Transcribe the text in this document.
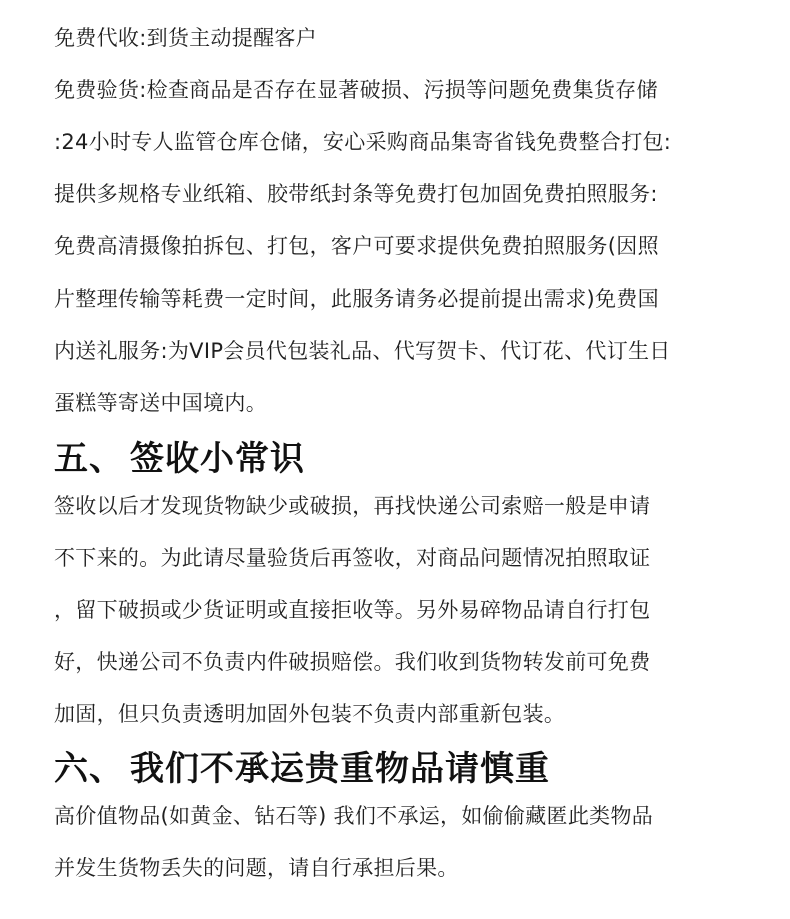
免费代收:到货主动提醒客户
免费验货:检查商品是否存在显著破损、污损等问题免费集货存储
:24小时专人监管仓库仓储，安心采购商品集寄省钱免费整合打包:
提供多规格专业纸箱、胶带纸封条等免费打包加固免费拍照服务:
免费高清摄像拍拆包、打包，客户可要求提供免费拍照服务(因照
片整理传输等耗费一定时间，此服务请务必提前提出需求)免费国
内送礼服务:为VIP会员代包装礼品、代写贺卡、代订花、代订生日
蛋糕等寄送中国境内。
五、 签收小常识
签收以后才发现货物缺少或破损，再找快递公司索赔一般是申请
不下来的。为此请尽量验货后再签收，对商品问题情况拍照取证
，留下破损或少货证明或直接拒收等。另外易碎物品请自行打包
好，快递公司不负责内件破损赔偿。我们收到货物转发前可免费
加固，但只负责透明加固外包装不负责内部重新包装。
六、 我们不承运贵重物品请慎重
高价值物品(如黄金、钻石等) 我们不承运，如偷偷藏匿此类物品
并发生货物丢失的问题，请自行承担后果。
